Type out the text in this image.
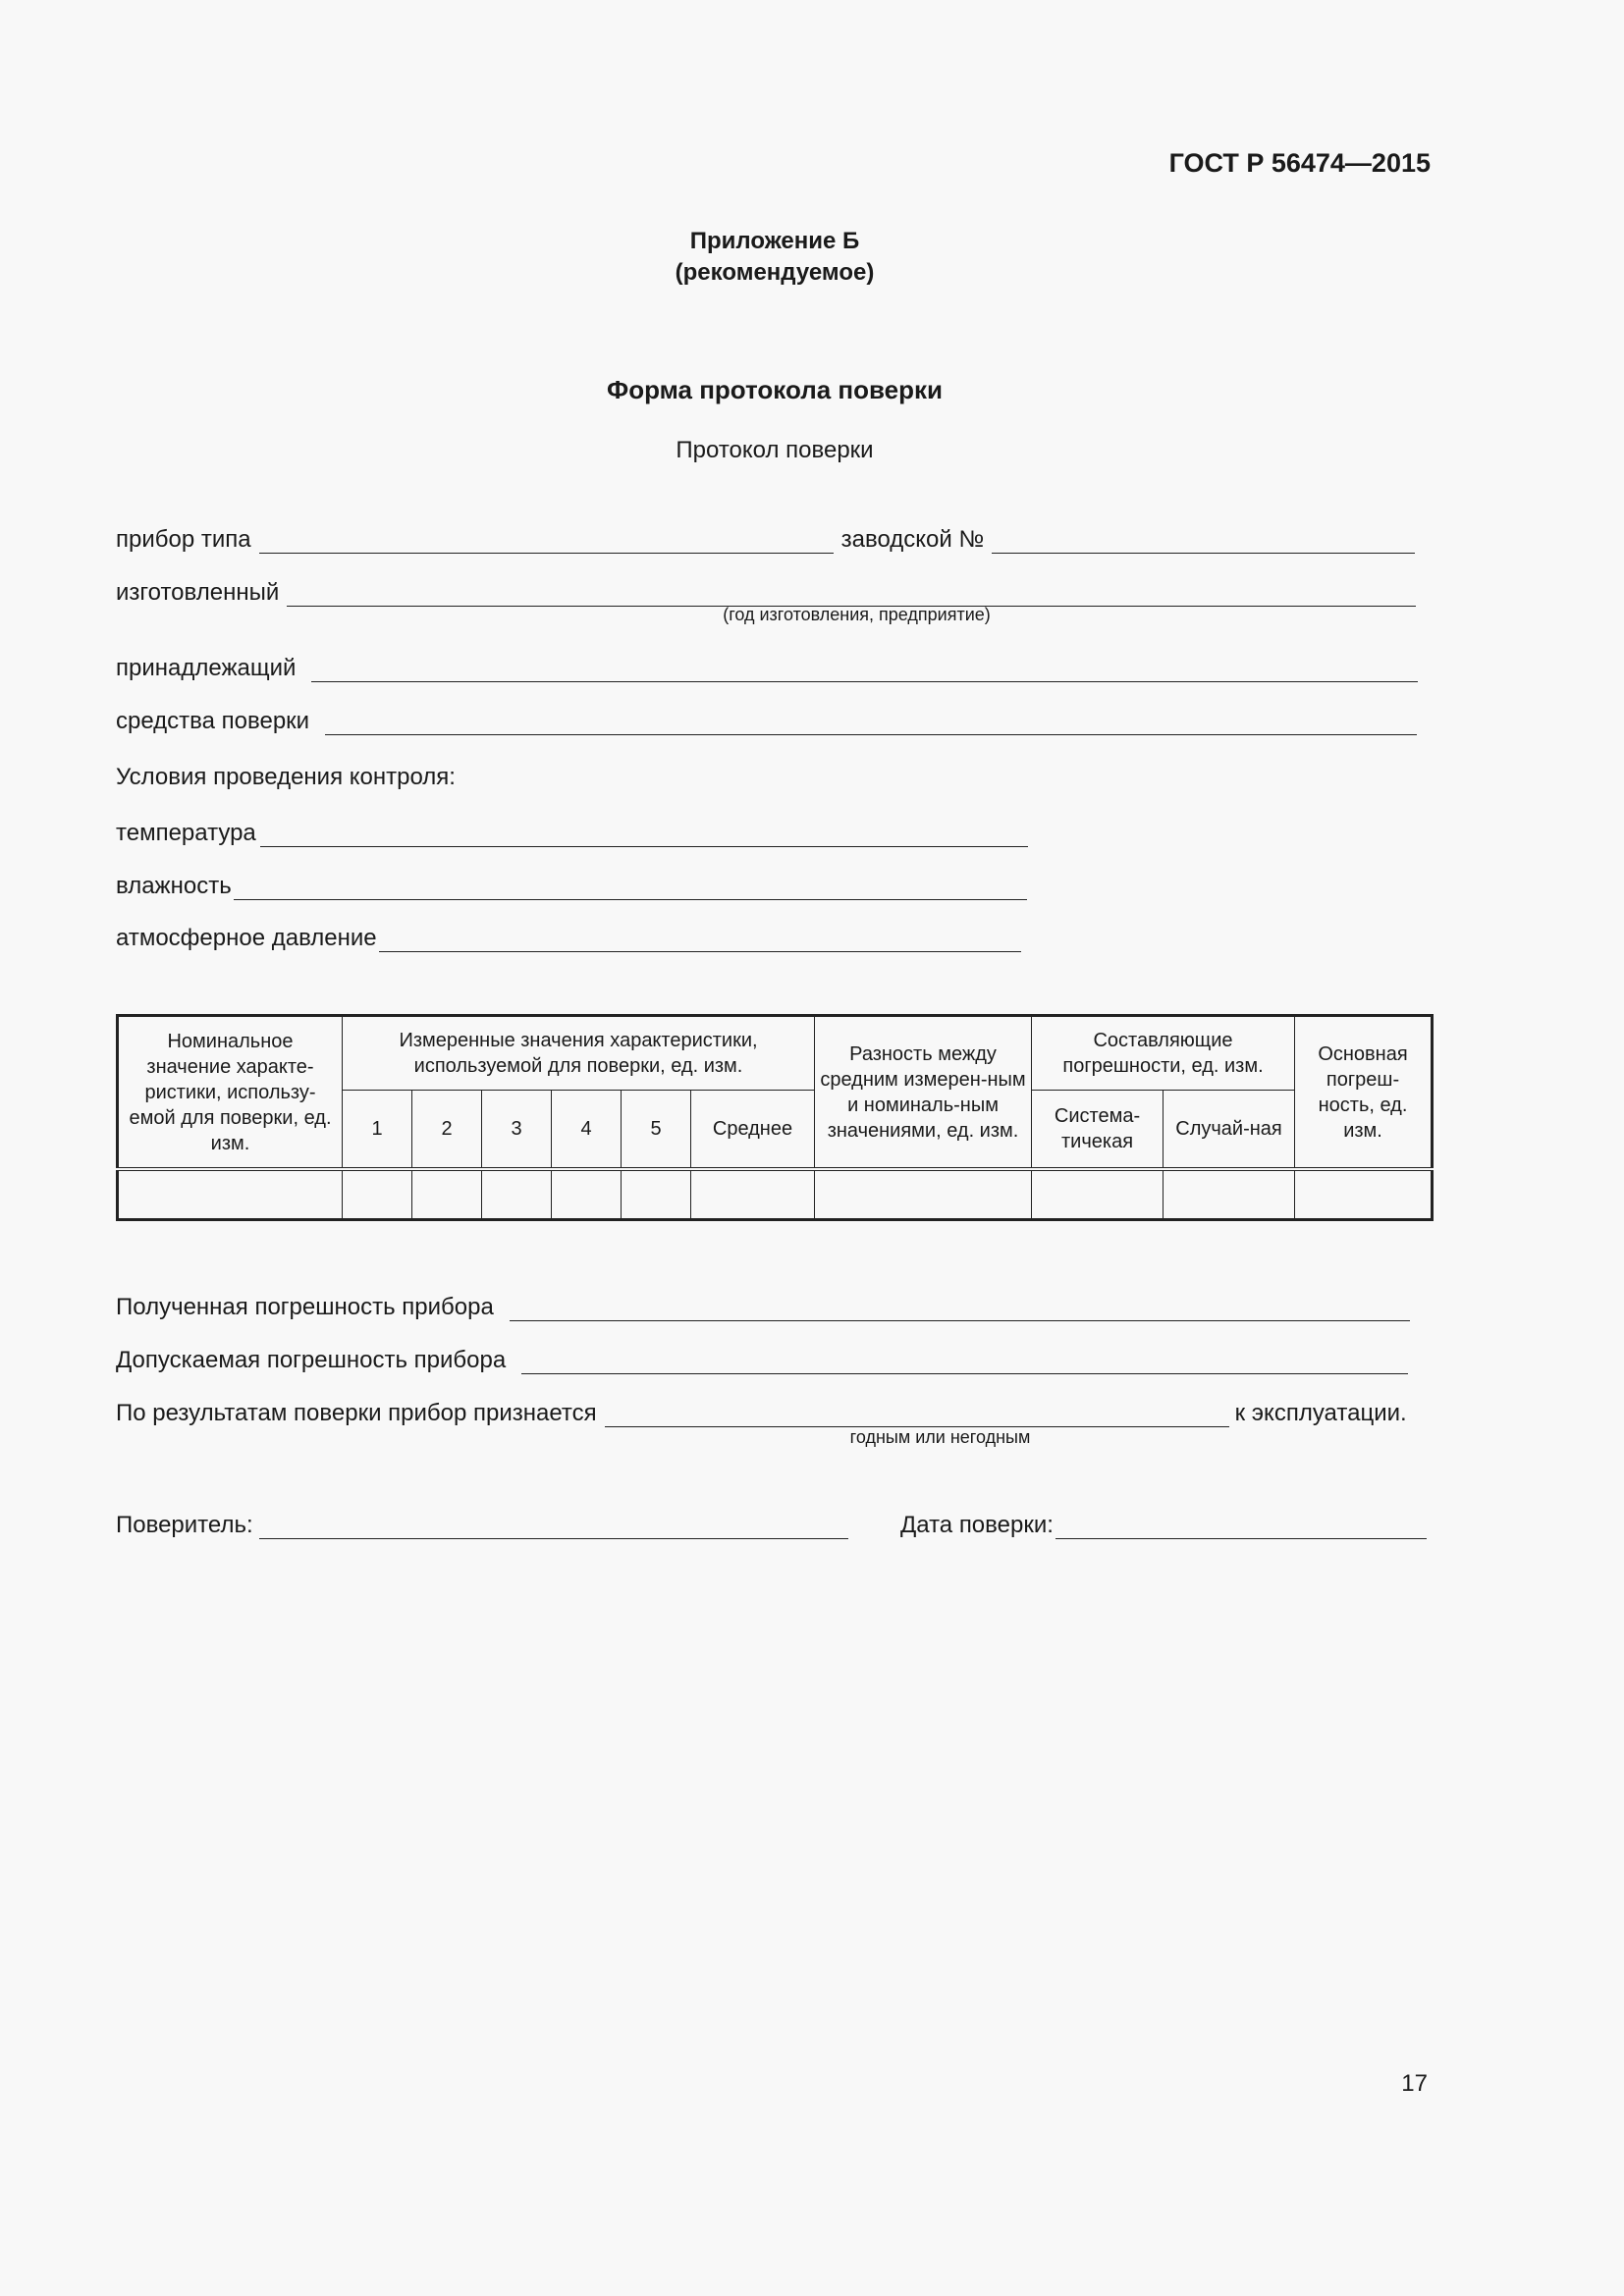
ГОСТ Р 56474—2015
Приложение Б
(рекомендуемое)
Форма протокола поверки
Протокол поверки
прибор типа	заводской №
изготовленный
(год изготовления, предприятие)
принадлежащий
средства поверки
Условия проведения контроля:
температура
влажность
атмосферное давление
Номинальное значение характе-ристики, использу-емой для поверки, ед. изм.	Измеренные значения характеристики, используемой для поверки, ед. изм.						Разность между средним измерен-ным и номиналь-ным значениями, ед. изм.	Составляющие погрешности, ед. изм.		Основная погреш-ность, ед. изм.
	1	2	3	4	5	Среднее		Система-тичекая	Случай-ная	

Полученная погрешность прибора
Допускаемая погрешность прибора
По результатам поверки прибор признается	к эксплуатации.
годным или негодным
Поверитель:	Дата поверки:
17
